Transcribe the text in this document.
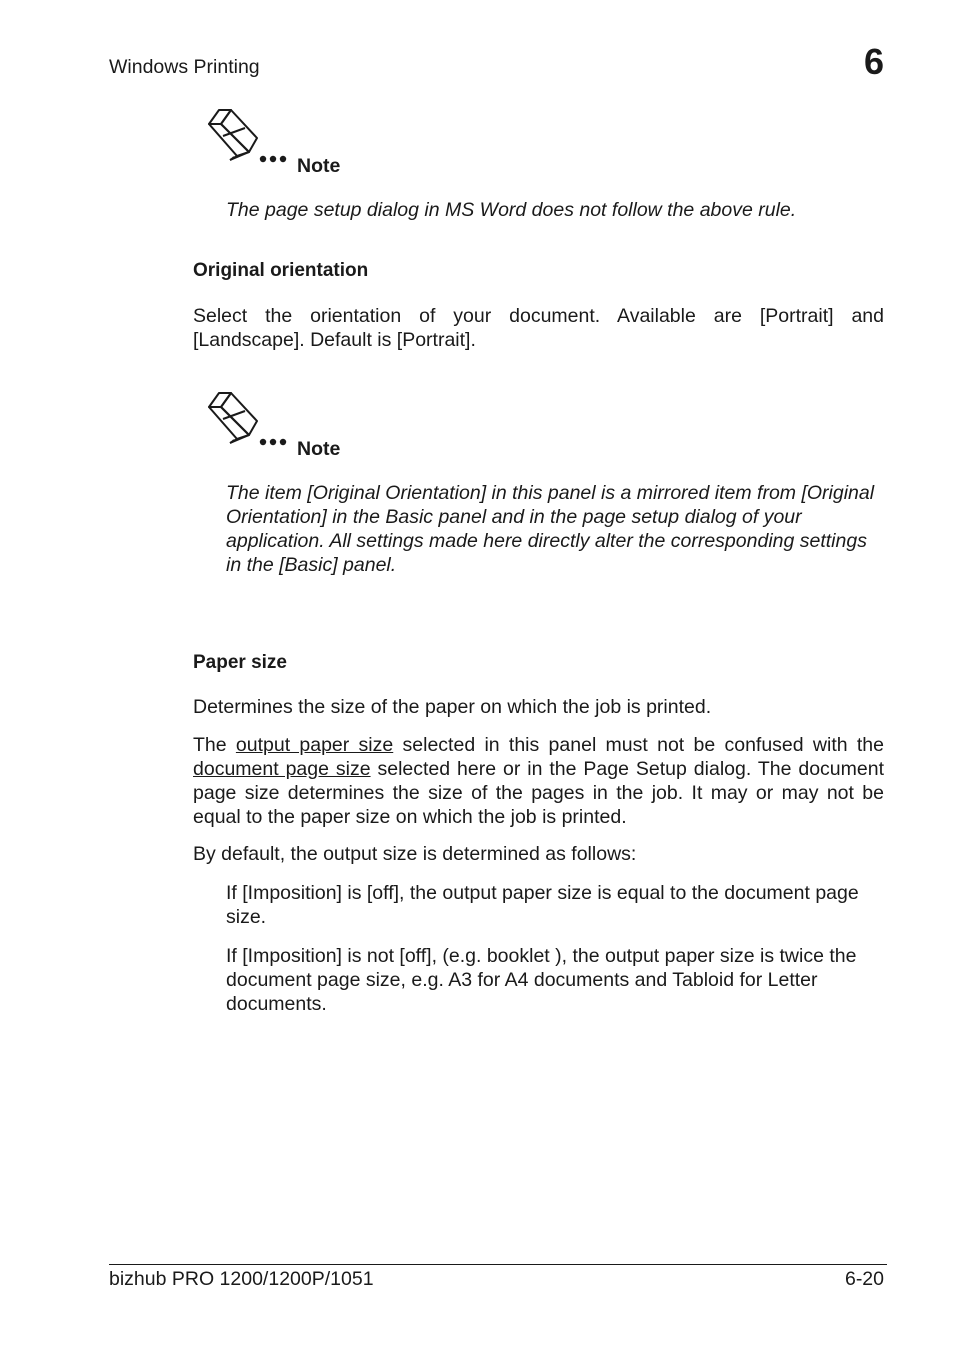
Windows Printing	6
Note
The page setup dialog in MS Word does not follow the above rule.
Original orientation

Select the orientation of your document. Available are [Portrait] and

[Landscape]. Default is [Portrait].

Note
The item [Original Orientation] in this panel is a mirrored item from [Original Orientation] in the Basic panel and in the page setup dialog of your application. All settings made here directly alter the corresponding settings in the [Basic] panel.
Paper size

Determines the size of the paper on which the job is printed.

The output paper size selected in this panel must not be confused with the document page size selected here or in the Page Setup dialog. The document page size determines the size of the pages in the job. It may or may not be equal to the paper size on which the job is printed.

By default, the output size is determined as follows:

If [Imposition] is [off], the output paper size is equal to the document page size.

If [Imposition] is not [off], (e.g. booklet ), the output paper size is twice the document page size, e.g. A3 for A4 documents and Tabloid for Letter documents.

bizhub PRO 1200/1200P/1051	6-20
